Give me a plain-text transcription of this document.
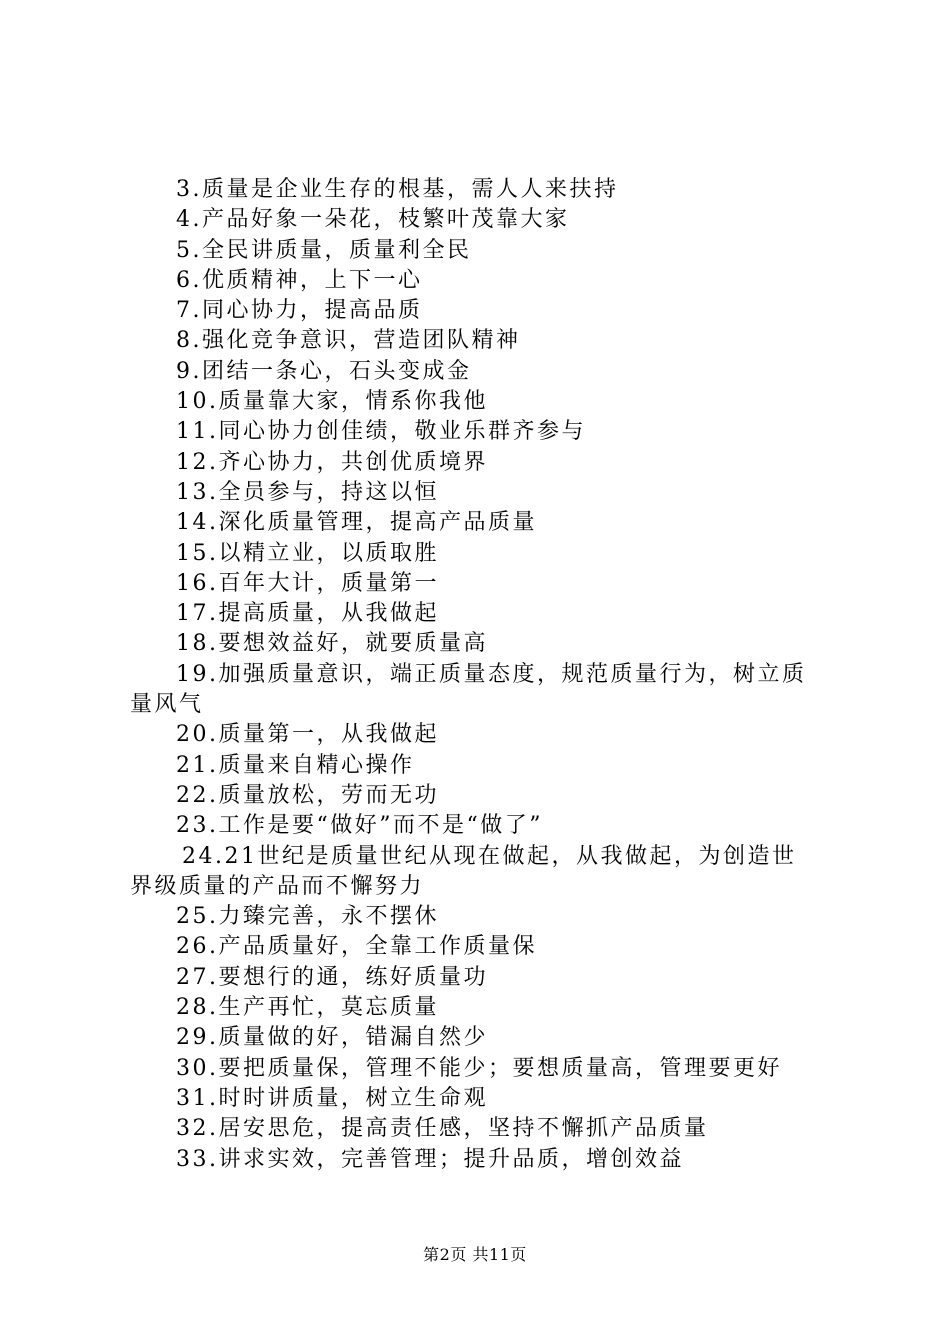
3.质量是企业生存的根基，需人人来扶持
4.产品好象一朵花，枝繁叶茂靠大家
5.全民讲质量，质量利全民
6.优质精神，上下一心
7.同心协力，提高品质
8.强化竞争意识，营造团队精神
9.团结一条心，石头变成金
10.质量靠大家，情系你我他
11.同心协力创佳绩，敬业乐群齐参与
12.齐心协力，共创优质境界
13.全员参与，持这以恒
14.深化质量管理，提高产品质量
15.以精立业，以质取胜
16.百年大计，质量第一
17.提高质量，从我做起
18.要想效益好，就要质量高
19.加强质量意识，端正质量态度，规范质量行为，树立质
量风气
20.质量第一，从我做起
21.质量来自精心操作
22.质量放松，劳而无功
23.工作是要“做好”而不是“做了”
24.21世纪是质量世纪从现在做起，从我做起，为创造世
界级质量的产品而不懈努力
25.力臻完善，永不摆休
26.产品质量好，全靠工作质量保
27.要想行的通，练好质量功
28.生产再忙，莫忘质量
29.质量做的好，错漏自然少
30.要把质量保，管理不能少；要想质量高，管理要更好
31.时时讲质量，树立生命观
32.居安思危，提高责任感，坚持不懈抓产品质量
33.讲求实效，完善管理；提升品质，增创效益
第2页 共11页
